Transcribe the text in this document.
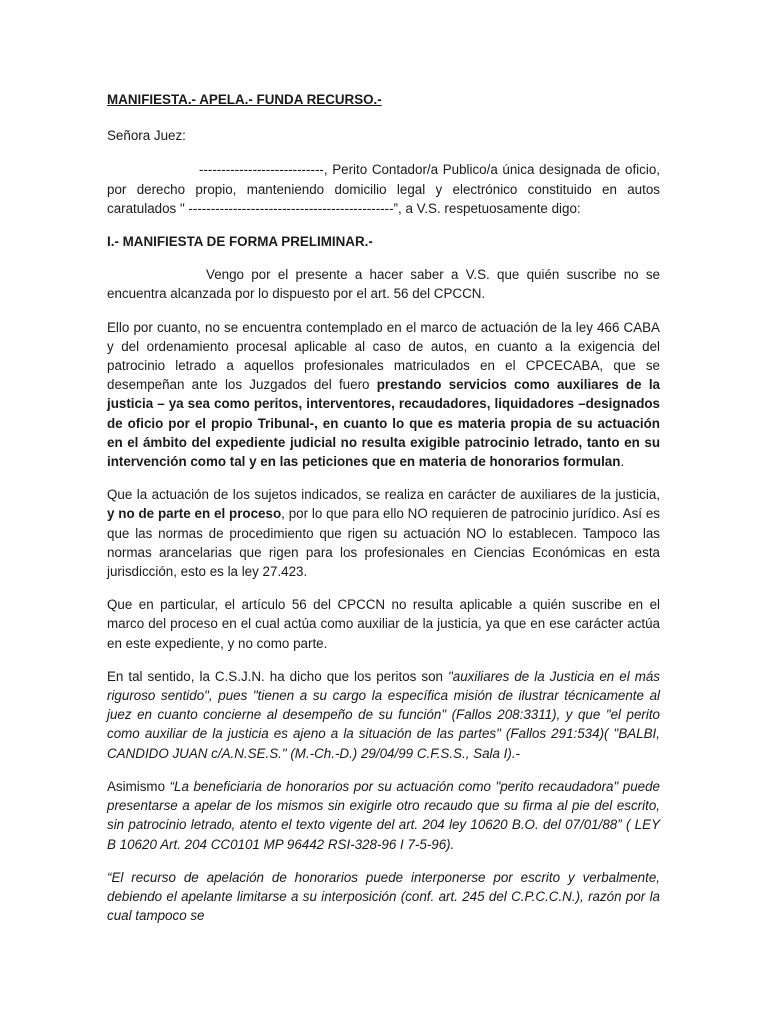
MANIFIESTA.- APELA.- FUNDA RECURSO.-

Señora Juez:

----------------------------, Perito Contador/a Publico/a única designada de oficio, por derecho propio, manteniendo domicilio legal y electrónico constituido en autos caratulados " ----------------------------------------------”, a V.S. respetuosamente digo:

I.- MANIFIESTA DE FORMA PRELIMINAR.-

Vengo por el presente a hacer saber a V.S. que quién suscribe no se encuentra alcanzada por lo dispuesto por el art. 56 del CPCCN.

Ello por cuanto, no se encuentra contemplado en el marco de actuación de la ley 466 CABA y del ordenamiento procesal aplicable al caso de autos, en cuanto a la exigencia del patrocinio letrado a aquellos profesionales matriculados en el CPCECABA, que se desempeñan ante los Juzgados del fuero prestando servicios como auxiliares de la justicia – ya sea como peritos, interventores, recaudadores, liquidadores –designados de oficio por el propio Tribunal-, en cuanto lo que es materia propia de su actuación en el ámbito del expediente judicial no resulta exigible patrocinio letrado, tanto en su intervención como tal y en las peticiones que en materia de honorarios formulan.

Que la actuación de los sujetos indicados, se realiza en carácter de auxiliares de la justicia, y no de parte en el proceso, por lo que para ello NO requieren de patrocinio jurídico. Así es que las normas de procedimiento que rigen su actuación NO lo establecen. Tampoco las normas arancelarias que rigen para los profesionales en Ciencias Económicas en esta jurisdicción, esto es la ley 27.423.

Que en particular, el artículo 56 del CPCCN no resulta aplicable a quién suscribe en el marco del proceso en el cual actúa como auxiliar de la justicia, ya que en ese carácter actúa en este expediente, y no como parte.

En tal sentido, la C.S.J.N. ha dicho que los peritos son "auxiliares de la Justicia en el más riguroso sentido", pues "tienen a su cargo la específica misión de ilustrar técnicamente al juez en cuanto concierne al desempeño de su función" (Fallos 208:3311), y que "el perito como auxiliar de la justicia es ajeno a la situación de las partes" (Fallos 291:534)( "BALBI, CANDIDO JUAN c/A.N.SE.S." (M.-Ch.-D.) 29/04/99 C.F.S.S., Sala I).-

Asimismo “La beneficiaria de honorarios por su actuación como "perito recaudadora" puede presentarse a apelar de los mismos sin exigirle otro recaudo que su firma al pie del escrito, sin patrocinio letrado, atento el texto vigente del art. 204 ley 10620 B.O. del 07/01/88” ( LEY B 10620 Art. 204 CC0101 MP 96442 RSI-328-96 I 7-5-96).

“El recurso de apelación de honorarios puede interponerse por escrito y verbalmente, debiendo el apelante limitarse a su interposición (conf. art. 245 del C.P.C.C.N.), razón por la cual tampoco se
